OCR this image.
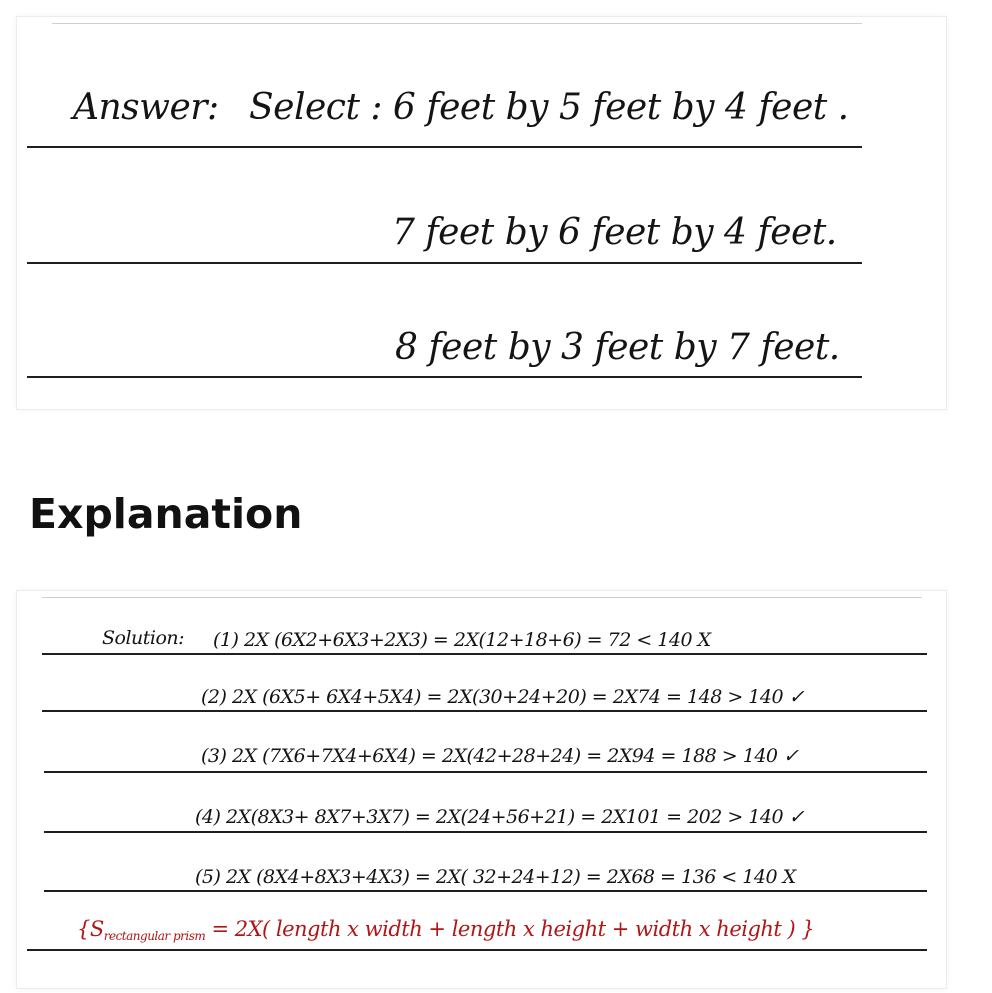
Answer: Select : 6 feet by 5 feet by 4 feet .
7 feet by 6 feet by 4 feet.
8 feet by 3 feet by 7 feet.
Explanation
Solution: (1) 2X (6X2+6X3+2X3) = 2X(12+18+6) = 72 < 140 X
(2) 2X (6X5+ 6X4+5X4) = 2X(30+24+20) = 2X74 = 148 > 140 ✓
(3) 2X (7X6+7X4+6X4) = 2X(42+28+24) = 2X94 = 188 > 140 ✓
(4) 2X(8X3+ 8X7+3X7) = 2X(24+56+21) = 2X101 = 202 > 140 ✓
(5) 2X (8X4+8X3+4X3) = 2X( 32+24+12) = 2X68 = 136 < 140 X
{$S_{rectangular prism} = 2X$( length x width + length x height + width x height ) }
